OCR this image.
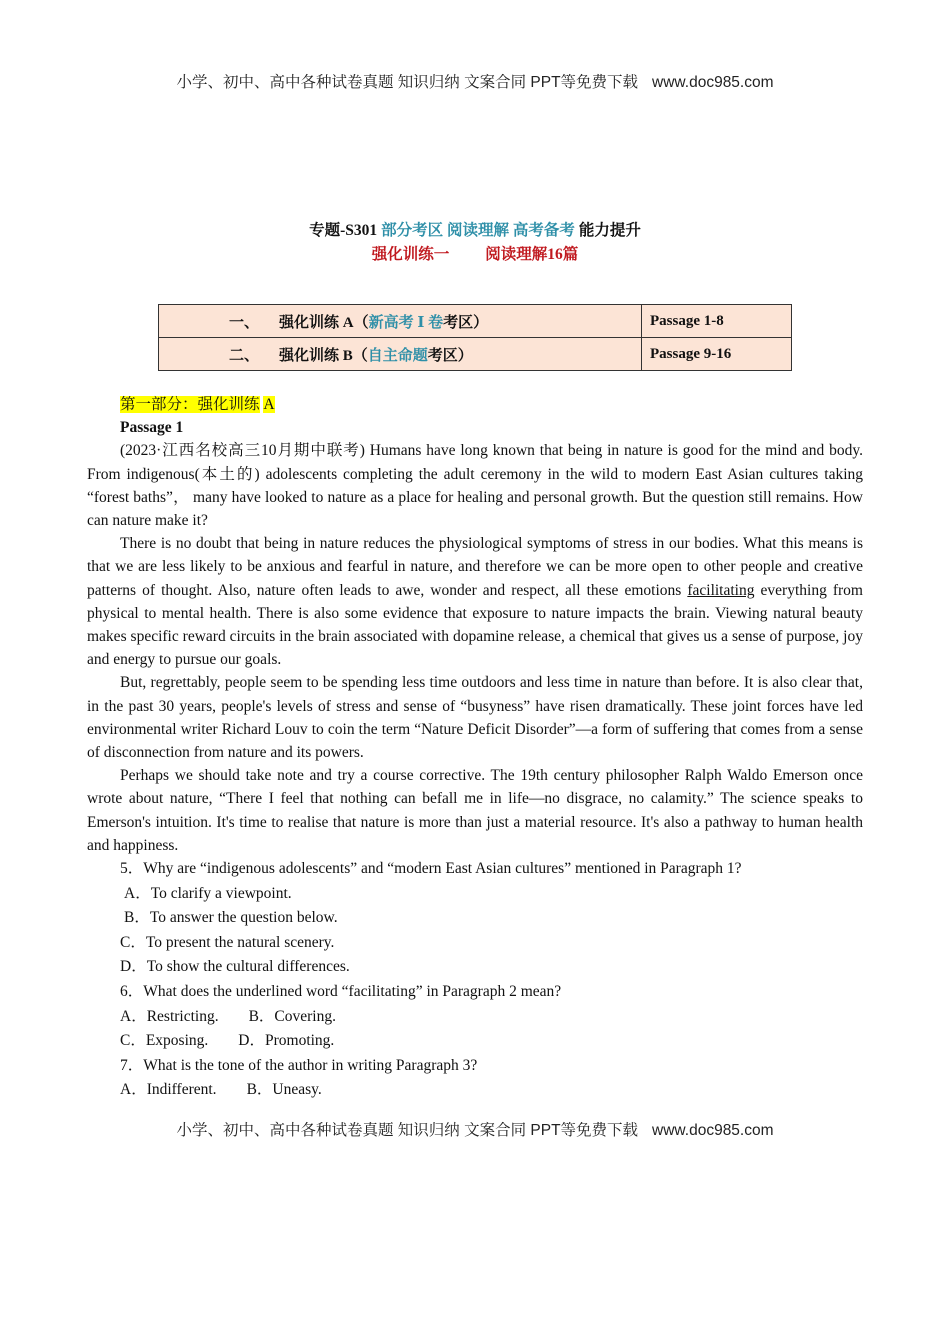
小学、初中、高中各种试卷真题 知识归纳 文案合同 PPT等免费下载 www.doc985.com
专题-S301 部分考区 阅读理解 高考备考 能力提升
强化训练一 阅读理解16篇
一、 强化训练 A（新高考 Ⅰ 卷考区）	Passage 1-8
二、 强化训练 B（自主命题考区）	Passage 9-16
第一部分：强化训练 A
Passage 1

(2023·江西名校高三10月期中联考) Humans have long known that being in nature is good for the mind and body. From indigenous(本土的) adolescents completing the adult ceremony in the wild to modern East Asian cultures taking “forest baths”， many have looked to nature as a place for healing and personal growth. But the question still remains. How can nature make it?

There is no doubt that being in nature reduces the physiological symptoms of stress in our bodies. What this means is that we are less likely to be anxious and fearful in nature, and therefore we can be more open to other people and creative patterns of thought. Also, nature often leads to awe, wonder and respect, all these emotions facilitating everything from physical to mental health. There is also some evidence that exposure to nature impacts the brain. Viewing natural beauty makes specific reward circuits in the brain associated with dopamine release, a chemical that gives us a sense of purpose, joy and energy to pursue our goals.

But, regrettably, people seem to be spending less time outdoors and less time in nature than before. It is also clear that, in the past 30 years, people's levels of stress and sense of “busyness” have risen dramatically. These joint forces have led environmental writer Richard Louv to coin the term “Nature Deficit Disorder”—a form of suffering that comes from a sense of disconnection from nature and its powers.

Perhaps we should take note and try a course corrective. The 19th century philosopher Ralph Waldo Emerson once wrote about nature, “There I feel that nothing can befall me in life—no disgrace, no calamity.” The science speaks to Emerson's intuition. It's time to realise that nature is more than just a material resource. It's also a pathway to human health and happiness.

5．Why are “indigenous adolescents” and “modern East Asian cultures” mentioned in Paragraph 1?
A．To clarify a viewpoint.
B．To answer the question below.
C．To present the natural scenery.
D．To show the cultural differences.
6．What does the underlined word “facilitating” in Paragraph 2 mean?
A．Restricting. B．Covering.
C．Exposing. D．Promoting.
7．What is the tone of the author in writing Paragraph 3?
A．Indifferent. B．Uneasy.
小学、初中、高中各种试卷真题 知识归纳 文案合同 PPT等免费下载 www.doc985.com
